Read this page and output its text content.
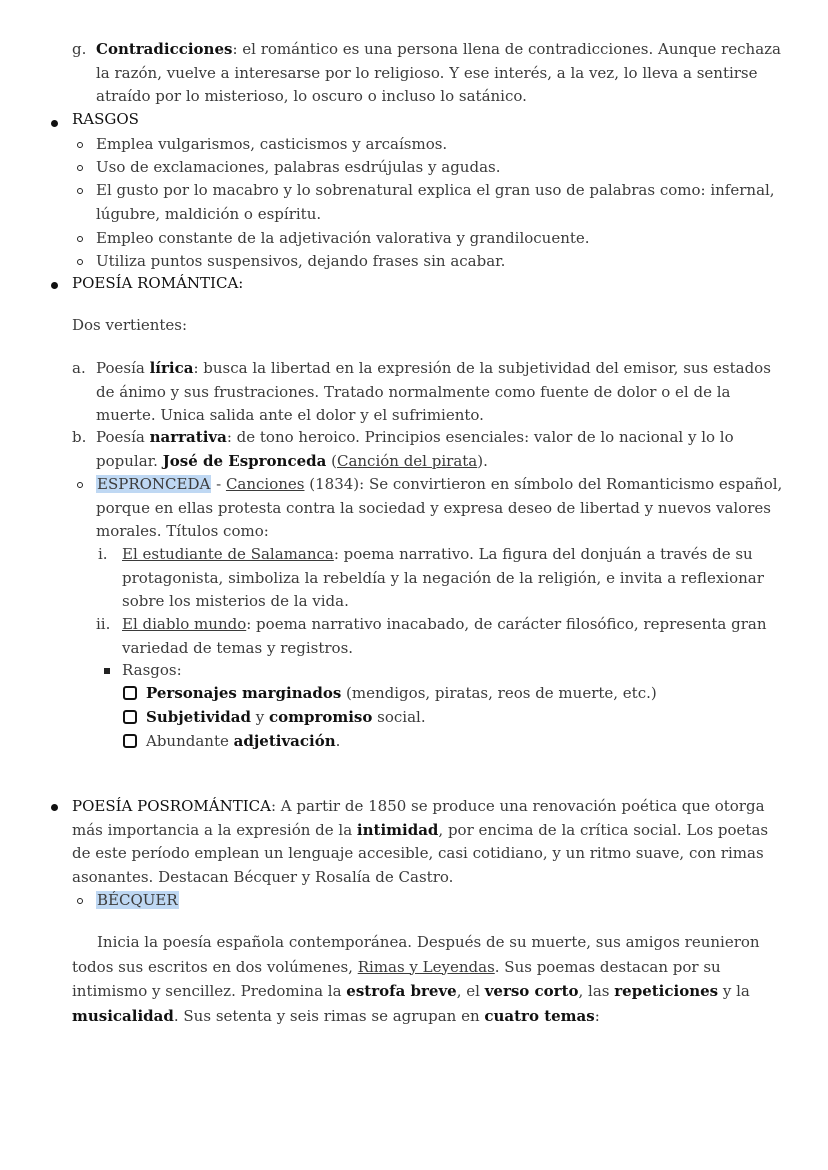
g. Contradicciones: el romántico es una persona llena de contradicciones. Aunque rechaza la razón, vuelve a interesarse por lo religioso. Y ese interés, a la vez, lo lleva a sentirse atraído por lo misterioso, lo oscuro o incluso lo satánico.
RASGOS
Emplea vulgarismos, casticismos y arcaísmos.
Uso de exclamaciones, palabras esdrújulas y agudas.
El gusto por lo macabro y lo sobrenatural explica el gran uso de palabras como: infernal, lúgubre, maldición o espíritu.
Empleo constante de la adjetivación valorativa y grandilocuente.
Utiliza puntos suspensivos, dejando frases sin acabar.
POESÍA ROMÁNTICA:
Dos vertientes:
a. Poesía lírica: busca la libertad en la expresión de la subjetividad del emisor, sus estados de ánimo y sus frustraciones. Tratado normalmente como fuente de dolor o el de la muerte. Unica salida ante el dolor y el sufrimiento.
b. Poesía narrativa: de tono heroico. Principios esenciales: valor de lo nacional y lo lo popular. José de Espronceda (Canción del pirata).
ESPRONCEDA - Canciones (1834): Se convirtieron en símbolo del Romanticismo español, porque en ellas protesta contra la sociedad y expresa deseo de libertad y nuevos valores morales. Títulos como:
i. El estudiante de Salamanca: poema narrativo. La figura del donjuán a través de su protagonista, simboliza la rebeldía y la negación de la religión, e invita a reflexionar sobre los misterios de la vida.
ii. El diablo mundo: poema narrativo inacabado, de carácter filosófico, representa gran variedad de temas y registros.
Rasgos:
Personajes marginados (mendigos, piratas, reos de muerte, etc.)
Subjetividad y compromiso social.
Abundante adjetivación.
POESÍA POSROMÁNTICA: A partir de 1850 se produce una renovación poética que otorga más importancia a la expresión de la intimidad, por encima de la crítica social. Los poetas de este período emplean un lenguaje accesible, casi cotidiano, y un ritmo suave, con rimas asonantes. Destacan Bécquer y Rosalía de Castro.
BÉCQUER
Inicia la poesía española contemporánea. Después de su muerte, sus amigos reunieron todos sus escritos en dos volúmenes, Rimas y Leyendas. Sus poemas destacan por su intimismo y sencillez. Predomina la estrofa breve, el verso corto, las repeticiones y la musicalidad. Sus setenta y seis rimas se agrupan en cuatro temas:
